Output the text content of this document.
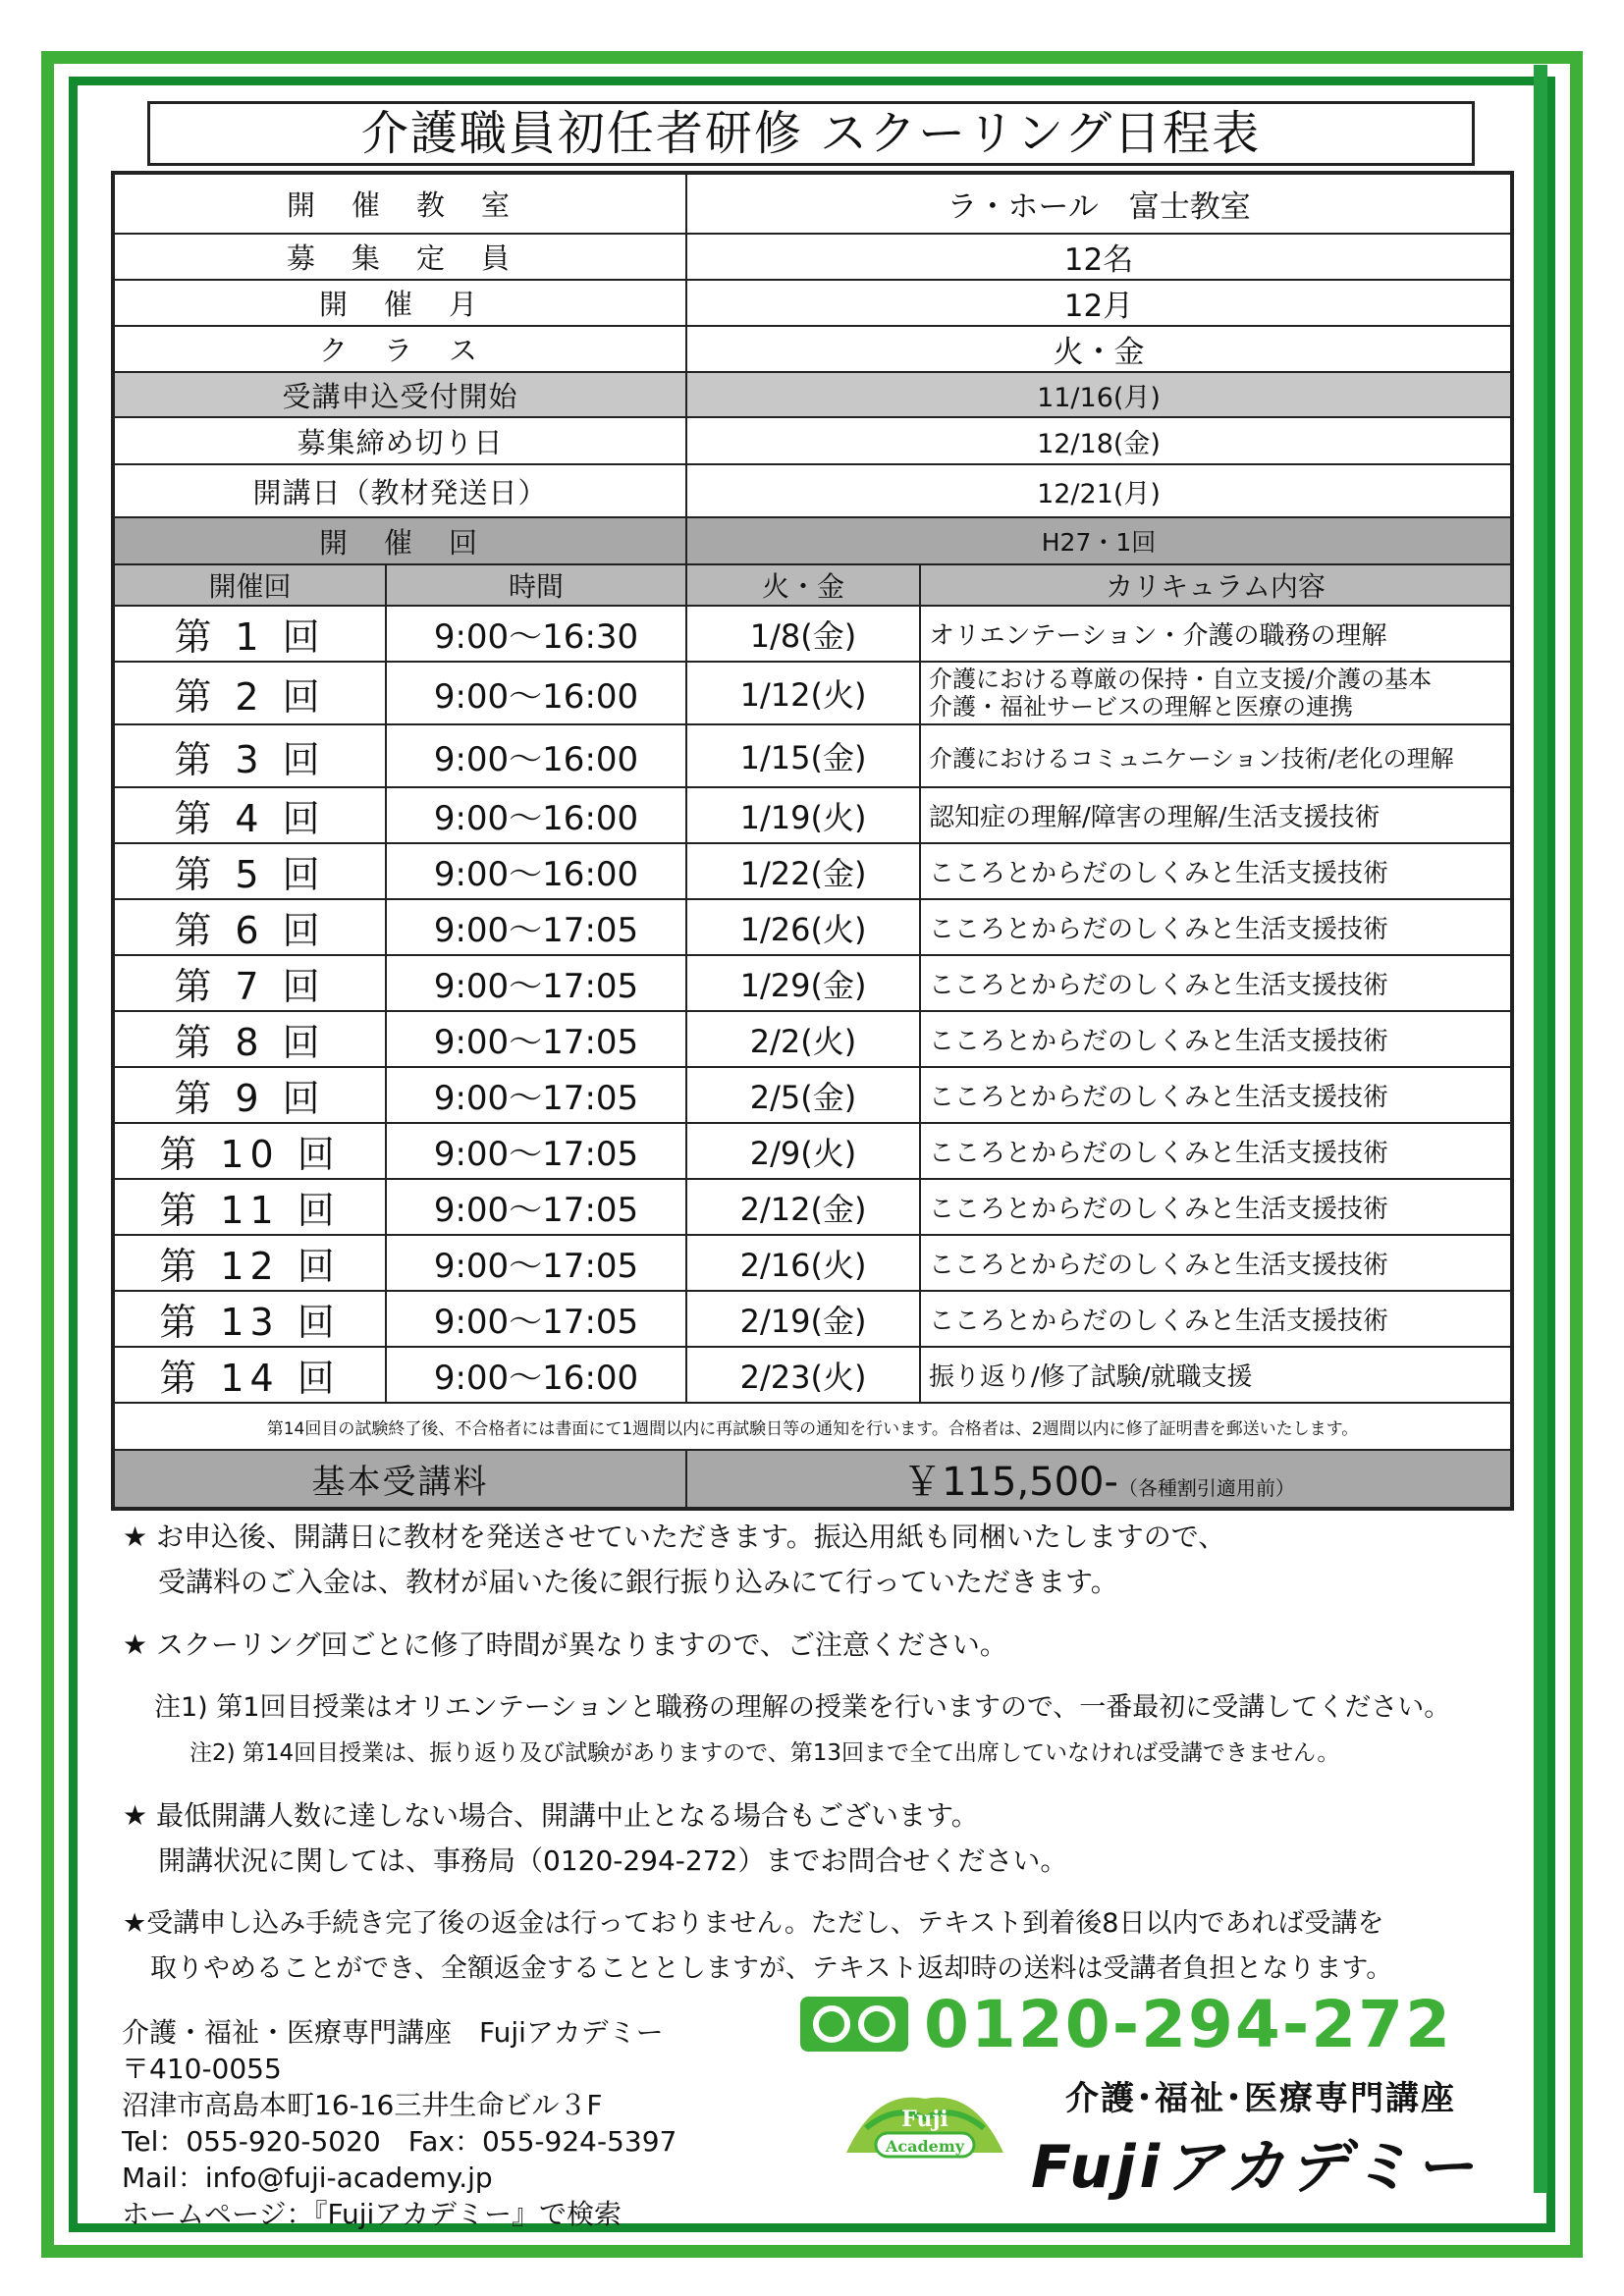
介護職員初任者研修 スクーリング日程表
開　催　教　室		ラ・ホール　富士教室	
募　集　定　員		12名	
開　催　月		12月	
ク　ラ　ス		火・金	
受講申込受付開始		11/16(月)	
募集締め切り日		12/18(金)	
開講日（教材発送日）		12/21(月)	
開　催　回		H27・1回	
開催回	時間	火・金	カリキュラム内容
第 1 回	9:00～16:30	1/8(金)	オリエンテーション・介護の職務の理解
第 2 回	9:00～16:00	1/12(火)	介護における尊厳の保持・自立支援/介護の基本
介護・福祉サービスの理解と医療の連携

第 3 回	9:00～16:00	1/15(金)	介護におけるコミュニケーション技術/老化の理解
第 4 回	9:00～16:00	1/19(火)	認知症の理解/障害の理解/生活支援技術
第 5 回	9:00～16:00	1/22(金)	こころとからだのしくみと生活支援技術
第 6 回	9:00～17:05	1/26(火)	こころとからだのしくみと生活支援技術
第 7 回	9:00～17:05	1/29(金)	こころとからだのしくみと生活支援技術
第 8 回	9:00～17:05	2/2(火)	こころとからだのしくみと生活支援技術
第 9 回	9:00～17:05	2/5(金)	こころとからだのしくみと生活支援技術
第 10 回	9:00～17:05	2/9(火)	こころとからだのしくみと生活支援技術
第 11 回	9:00～17:05	2/12(金)	こころとからだのしくみと生活支援技術
第 12 回	9:00～17:05	2/16(火)	こころとからだのしくみと生活支援技術
第 13 回	9:00～17:05	2/19(金)	こころとからだのしくみと生活支援技術
第 14 回	9:00～16:00	2/23(火)	振り返り/修了試験/就職支援
第14回目の試験終了後、不合格者には書面にて1週間以内に再試験日等の通知を行います。合格者は、2週間以内に修了証明書を郵送いたします。			
基本受講料		￥115,500-（各種割引適用前）	

★ お申込後、開講日に教材を発送させていただきます。振込用紙も同梱いたしますので、

受講料のご入金は、教材が届いた後に銀行振り込みにて行っていただきます。

★ スクーリング回ごとに修了時間が異なりますので、ご注意ください。

注1) 第1回目授業はオリエンテーションと職務の理解の授業を行いますので、一番最初に受講してください。

注2) 第14回目授業は、振り返り及び試験がありますので、第13回まで全て出席していなければ受講できません。

★ 最低開講人数に達しない場合、開講中止となる場合もございます。

開講状況に関しては、事務局（0120-294-272）までお問合せください。

★受講申し込み手続き完了後の返金は行っておりません。ただし、テキスト到着後8日以内であれば受講を

取りやめることができ、全額返金することとしますが、テキスト返却時の送料は受講者負担となります。

介護・福祉・医療専門講座　Fujiアカデミー
〒410-0055
沼津市高島本町16-16三井生命ビル３F
Tel：055-920-5020　Fax：055-924-5397
Mail：info@fuji-academy.jp
ホームページ：『Fujiアカデミー』で検索
0120-294-272
Fuji
Academy
介護･福祉･医療専門講座
Fujiアカデミー
